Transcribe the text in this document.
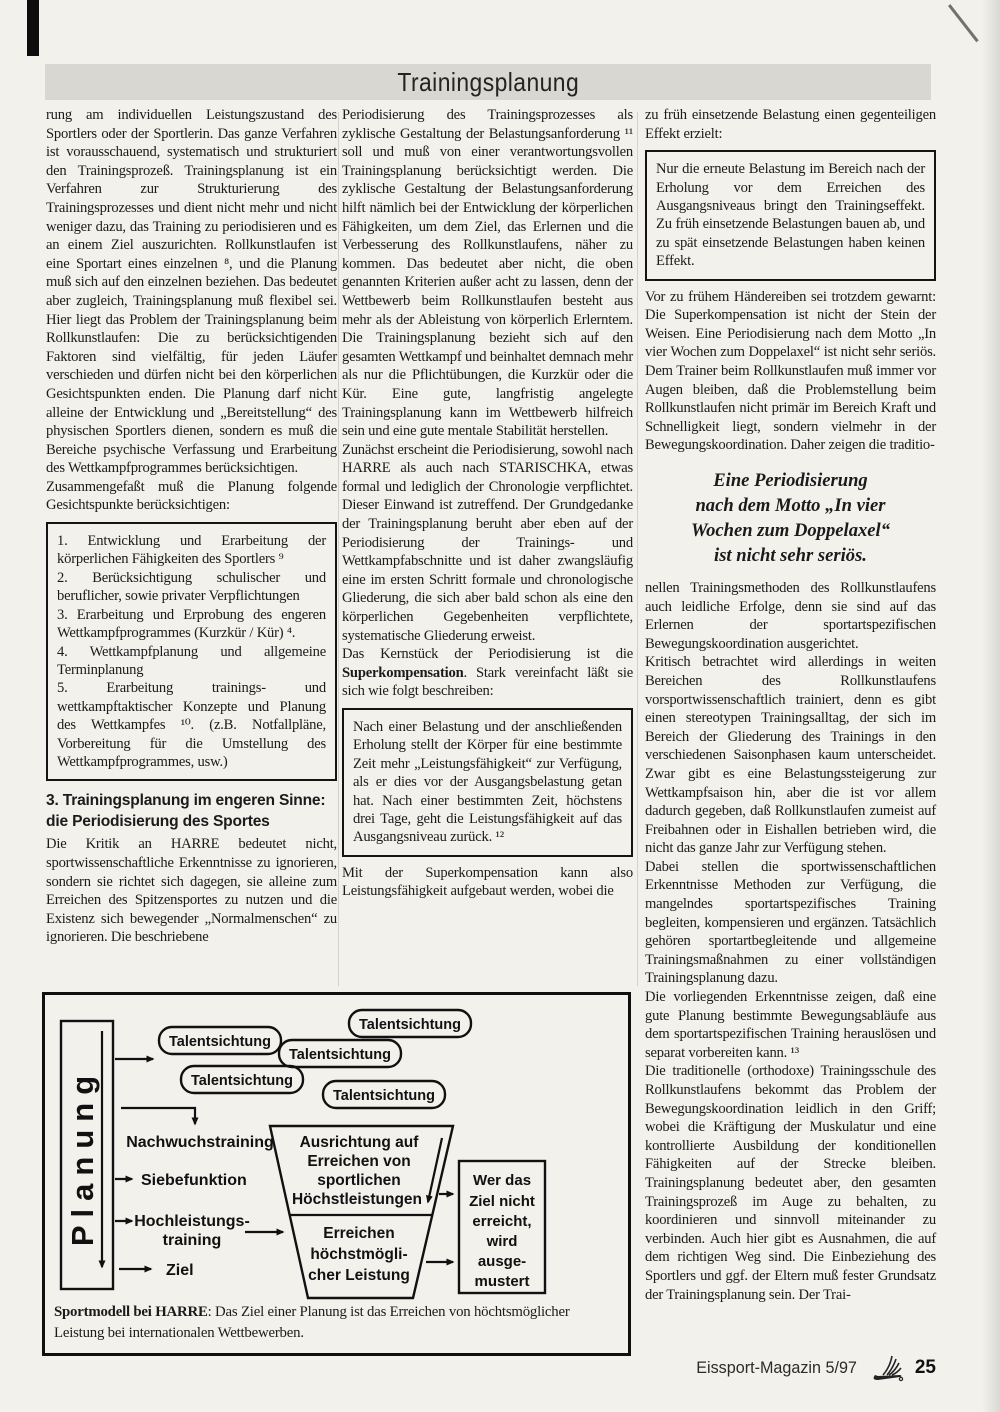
Trainingsplanung

rung am individuellen Leistungszustand des Sportlers oder der Sportlerin. Das ganze Verfahren ist vorausschauend, systematisch und strukturiert den Trainingsprozeß. Trainingsplanung ist ein Verfahren zur Strukturierung des Trainingsprozesses und dient nicht mehr und nicht weniger dazu, das Training zu periodisieren und es an einem Ziel auszurichten. Rollkunstlaufen ist eine Sportart eines einzelnen ⁸, und die Planung muß sich auf den einzelnen beziehen. Das bedeutet aber zugleich, Trainingsplanung muß flexibel sei. Hier liegt das Problem der Trainingsplanung beim Rollkunstlaufen: Die zu berücksichtigenden Faktoren sind vielfältig, für jeden Läufer verschieden und dürfen nicht bei den körperlichen Gesichtspunkten enden. Die Planung darf nicht alleine der Entwicklung und „Bereitstellung“ des physischen Sportlers dienen, sondern es muß die Bereiche psychische Verfassung und Erarbeitung des Wettkampfprogrammes berücksichtigen.

Zusammengefaßt muß die Planung folgende Gesichtspunkte berücksichtigen:

1. Entwicklung und Erarbeitung der körperlichen Fähigkeiten des Sportlers ⁹

2. Berücksichtigung schulischer und beruflicher, sowie privater Verpflichtungen

3. Erarbeitung und Erprobung des engeren Wettkampfprogrammes (Kurzkür / Kür) ⁴.

4. Wettkampfplanung und allgemeine Terminplanung

5. Erarbeitung trainings- und wettkampftaktischer Konzepte und Planung des Wettkampfes ¹⁰. (z.B. Notfallpläne, Vorbereitung für die Umstellung des Wettkampfprogrammes, usw.)

3. Trainingsplanung im engeren Sinne:
die Periodisierung des Sportes

Die Kritik an HARRE bedeutet nicht, sportwissenschaftliche Erkenntnisse zu ignorieren, sondern sie richtet sich dagegen, sie alleine zum Erreichen des Spitzensportes zu nutzen und die Existenz sich bewegender „Normalmenschen“ zu ignorieren. Die beschriebene

Periodisierung des Trainingsprozesses als zyklische Gestaltung der Belastungsanforderung ¹¹ soll und muß von einer verantwortungsvollen Trainingsplanung berücksichtigt werden. Die zyklische Gestaltung der Belastungsanforderung hilft nämlich bei der Entwicklung der körperlichen Fähigkeiten, um dem Ziel, das Erlernen und die Verbesserung des Rollkunstlaufens, näher zu kommen. Das bedeutet aber nicht, die oben genannten Kriterien außer acht zu lassen, denn der Wettbewerb beim Rollkunstlaufen besteht aus mehr als der Ableistung von körperlich Erlerntem. Die Trainingsplanung bezieht sich auf den gesamten Wettkampf und beinhaltet demnach mehr als nur die Pflichtübungen, die Kurzkür oder die Kür. Eine gute, langfristig angelegte Trainingsplanung kann im Wettbewerb hilfreich sein und eine gute mentale Stabilität herstellen.

Zunächst erscheint die Periodisierung, sowohl nach HARRE als auch nach STARISCHKA, etwas formal und lediglich der Chronologie verpflichtet. Dieser Einwand ist zutreffend. Der Grundgedanke der Trainingsplanung beruht aber eben auf der Periodisierung der Trainings- und Wettkampfabschnitte und ist daher zwangsläufig eine im ersten Schritt formale und chronologische Gliederung, die sich aber bald schon als eine den körperlichen Gegebenheiten verpflichtete, systematische Gliederung erweist.

Das Kernstück der Periodisierung ist die Superkompensation. Stark vereinfacht läßt sie sich wie folgt beschreiben:

Nach einer Belastung und der anschließenden Erholung stellt der Körper für eine bestimmte Zeit mehr „Leistungsfähigkeit“ zur Verfügung, als er dies vor der Ausgangsbelastung getan hat. Nach einer bestimmten Zeit, höchstens drei Tage, geht die Leistungsfähigkeit auf das Ausgangsniveau zurück. ¹²

Mit der Superkompensation kann also Leistungsfähigkeit aufgebaut werden, wobei die

zu früh einsetzende Belastung einen gegenteiligen Effekt erzielt:

Nur die erneute Belastung im Bereich nach der Erholung vor dem Erreichen des Ausgangsniveaus bringt den Trainingseffekt. Zu früh einsetzende Belastungen bauen ab, und zu spät einsetzende Belastungen haben keinen Effekt.

Vor zu frühem Händereiben sei trotzdem gewarnt: Die Superkompensation ist nicht der Stein der Weisen. Eine Periodisierung nach dem Motto „In vier Wochen zum Doppelaxel“ ist nicht sehr seriös. Dem Trainer beim Rollkunstlaufen muß immer vor Augen bleiben, daß die Problemstellung beim Rollkunstlaufen nicht primär im Bereich Kraft und Schnelligkeit liegt, sondern vielmehr in der Bewegungskoordination. Daher zeigen die traditio-

Eine Periodisierung
nach dem Motto „In vier
Wochen zum Doppelaxel“
ist nicht sehr seriös.

nellen Trainingsmethoden des Rollkunstlaufens auch leidliche Erfolge, denn sie sind auf das Erlernen der sportartspezifischen Bewegungskoordination ausgerichtet.

Kritisch betrachtet wird allerdings in weiten Bereichen des Rollkunstlaufens vorsportwissenschaftlich trainiert, denn es gibt einen stereotypen Trainingsalltag, der sich im Bereich der Gliederung des Trainings in den verschiedenen Saisonphasen kaum unterscheidet. Zwar gibt es eine Belastungssteigerung zur Wettkampfsaison hin, aber die ist vor allem dadurch gegeben, daß Rollkunstlaufen zumeist auf Freibahnen oder in Eishallen betrieben wird, die nicht das ganze Jahr zur Verfügung stehen.

Dabei stellen die sportwissenschaftlichen Erkenntnisse Methoden zur Verfügung, die mangelndes sportartspezifisches Training begleiten, kompensieren und ergänzen. Tatsächlich gehören sportartbegleitende und allgemeine Trainingsmaßnahmen zu einer vollständigen Trainingsplanung dazu.

Die vorliegenden Erkenntnisse zeigen, daß eine gute Planung bestimmte Bewegungsabläufe aus dem sportartspezifischen Training herauslösen und separat vorbereiten kann. ¹³

Die traditionelle (orthodoxe) Trainingsschule des Rollkunstlaufens bekommt das Problem der Bewegungskoordination leidlich in den Griff; wobei die Kräftigung der Muskulatur und eine kontrollierte Ausbildung der konditionellen Fähigkeiten auf der Strecke bleiben. Trainingsplanung bedeutet aber, den gesamten Trainingsprozeß im Auge zu behalten, zu koordinieren und sinnvoll miteinander zu verbinden. Auch hier gibt es Ausnahmen, die auf dem richtigen Weg sind. Die Einbeziehung des Sportlers und ggf. der Eltern muß fester Grundsatz der Trainingsplanung sein. Der Trai-

Planung
Talentsichtung
Talentsichtung
Talentsichtung
Talentsichtung
Talentsichtung
Nachwuchstraining
Siebefunktion
Hochleistungs-
training
Ziel
Ausrichtung auf
Erreichen von
sportlichen
Höchstleistungen
Erreichen
höchstmögli-
cher Leistung
Wer das
Ziel nicht
erreicht,
wird
ausge-
mustert
Sportmodell bei HARRE: Das Ziel einer Planung ist das Erreichen von höchtsmöglicher Leistung bei internationalen Wettbewerben.
Eissport-Magazin 5/97	25
